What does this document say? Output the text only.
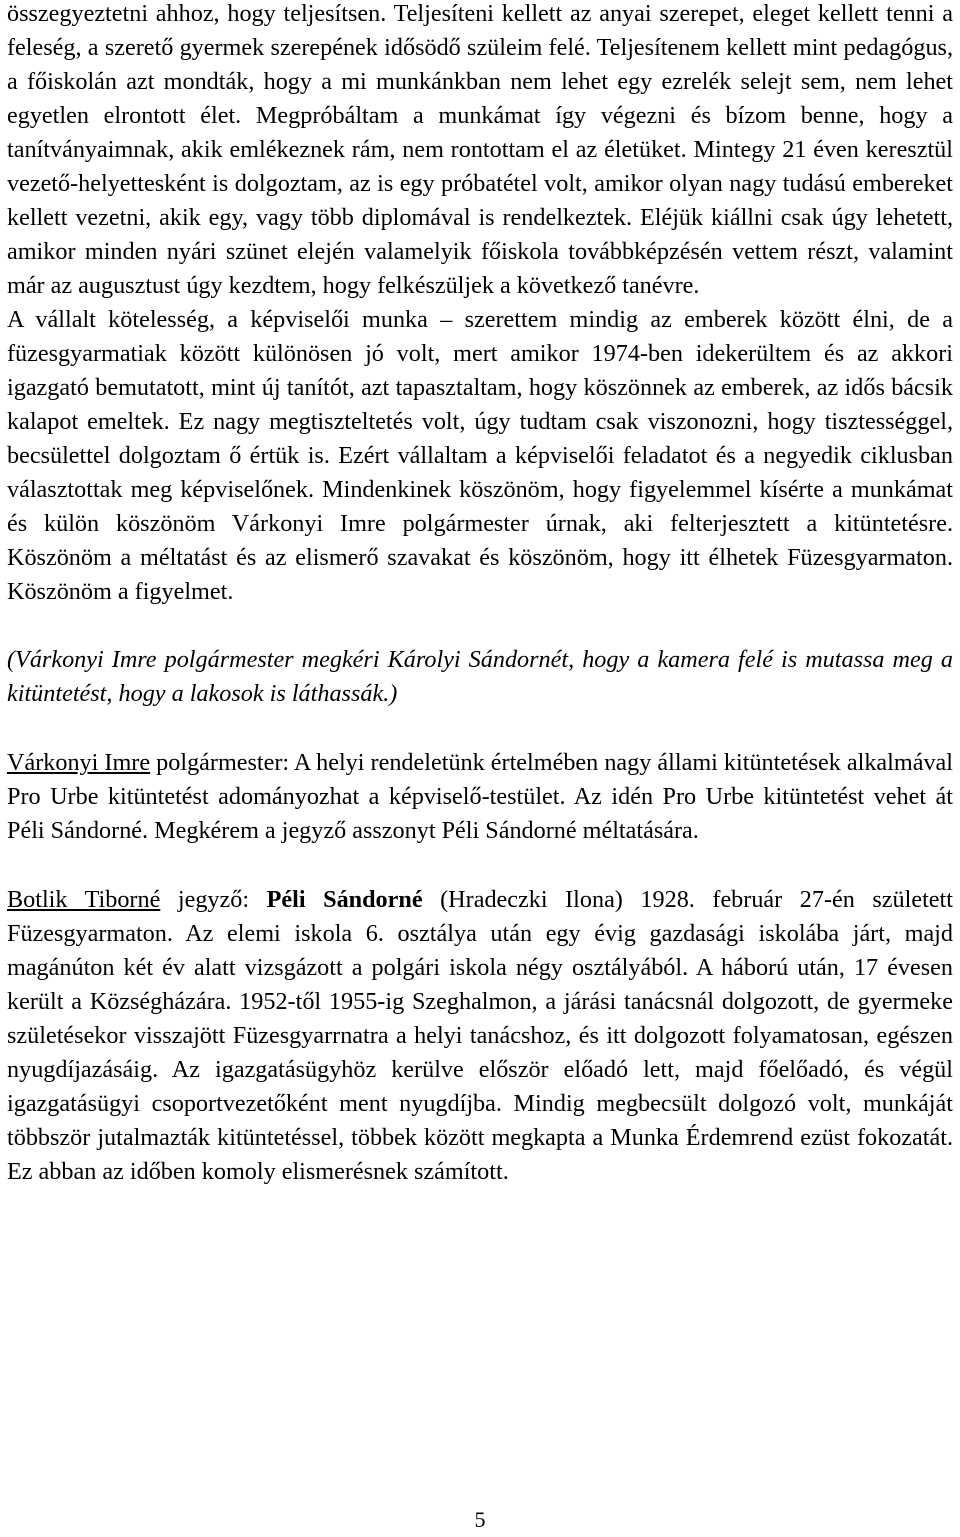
összegyeztetni ahhoz, hogy teljesítsen. Teljesíteni kellett az anyai szerepet, eleget kellett tenni a feleség, a szerető gyermek szerepének idősödő szüleim felé. Teljesítenem kellett mint pedagógus, a főiskolán azt mondták, hogy a mi munkánkban nem lehet egy ezrelék selejt sem, nem lehet egyetlen elrontott élet. Megpróbáltam a munkámat így végezni és bízom benne, hogy a tanítványaimnak, akik emlékeznek rám, nem rontottam el az életüket. Mintegy 21 éven keresztül vezető-helyettesként is dolgoztam, az is egy próbatétel volt, amikor olyan nagy tudású embereket kellett vezetni, akik egy, vagy több diplomával is rendelkeztek. Eléjük kiállni csak úgy lehetett, amikor minden nyári szünet elején valamelyik főiskola továbbképzésén vettem részt, valamint már az augusztust úgy kezdtem, hogy felkészüljek a következő tanévre.

A vállalt kötelesség, a képviselői munka – szerettem mindig az emberek között élni, de a füzesgyarmatiak között különösen jó volt, mert amikor 1974-ben idekerültem és az akkori igazgató bemutatott, mint új tanítót, azt tapasztaltam, hogy köszönnek az emberek, az idős bácsik kalapot emeltek. Ez nagy megtiszteltetés volt, úgy tudtam csak viszonozni, hogy tisztességgel, becsülettel dolgoztam ő értük is. Ezért vállaltam a képviselői feladatot és a negyedik ciklusban választottak meg képviselőnek. Mindenkinek köszönöm, hogy figyelemmel kísérte a munkámat és külön köszönöm Várkonyi Imre polgármester úrnak, aki felterjesztett a kitüntetésre. Köszönöm a méltatást és az elismerő szavakat és köszönöm, hogy itt élhetek Füzesgyarmaton. Köszönöm a figyelmet.

(Várkonyi Imre polgármester megkéri Károlyi Sándornét, hogy a kamera felé is mutassa meg a kitüntetést, hogy a lakosok is láthassák.)

Várkonyi Imre polgármester: A helyi rendeletünk értelmében nagy állami kitüntetések alkalmával Pro Urbe kitüntetést adományozhat a képviselő-testület. Az idén Pro Urbe kitüntetést vehet át Péli Sándorné. Megkérem a jegyző asszonyt Péli Sándorné méltatására.

Botlik Tiborné jegyző: Péli Sándorné (Hradeczki Ilona) 1928. február 27-én született Füzesgyarmaton. Az elemi iskola 6. osztálya után egy évig gazdasági iskolába járt, majd magánúton két év alatt vizsgázott a polgári iskola négy osztályából. A háború után, 17 évesen került a Községházára. 1952-től 1955-ig Szeghalmon, a járási tanácsnál dolgozott, de gyermeke születésekor visszajött Füzesgyarrnatra a helyi tanácshoz, és itt dolgozott folyamatosan, egészen nyugdíjazásáig. Az igazgatásügyhöz kerülve először előadó lett, majd főelőadó, és végül igazgatásügyi csoportvezetőként ment nyugdíjba. Mindig megbecsült dolgozó volt, munkáját többször jutalmazták kitüntetéssel, többek között megkapta a Munka Érdemrend ezüst fokozatát. Ez abban az időben komoly elismerésnek számított.

5
